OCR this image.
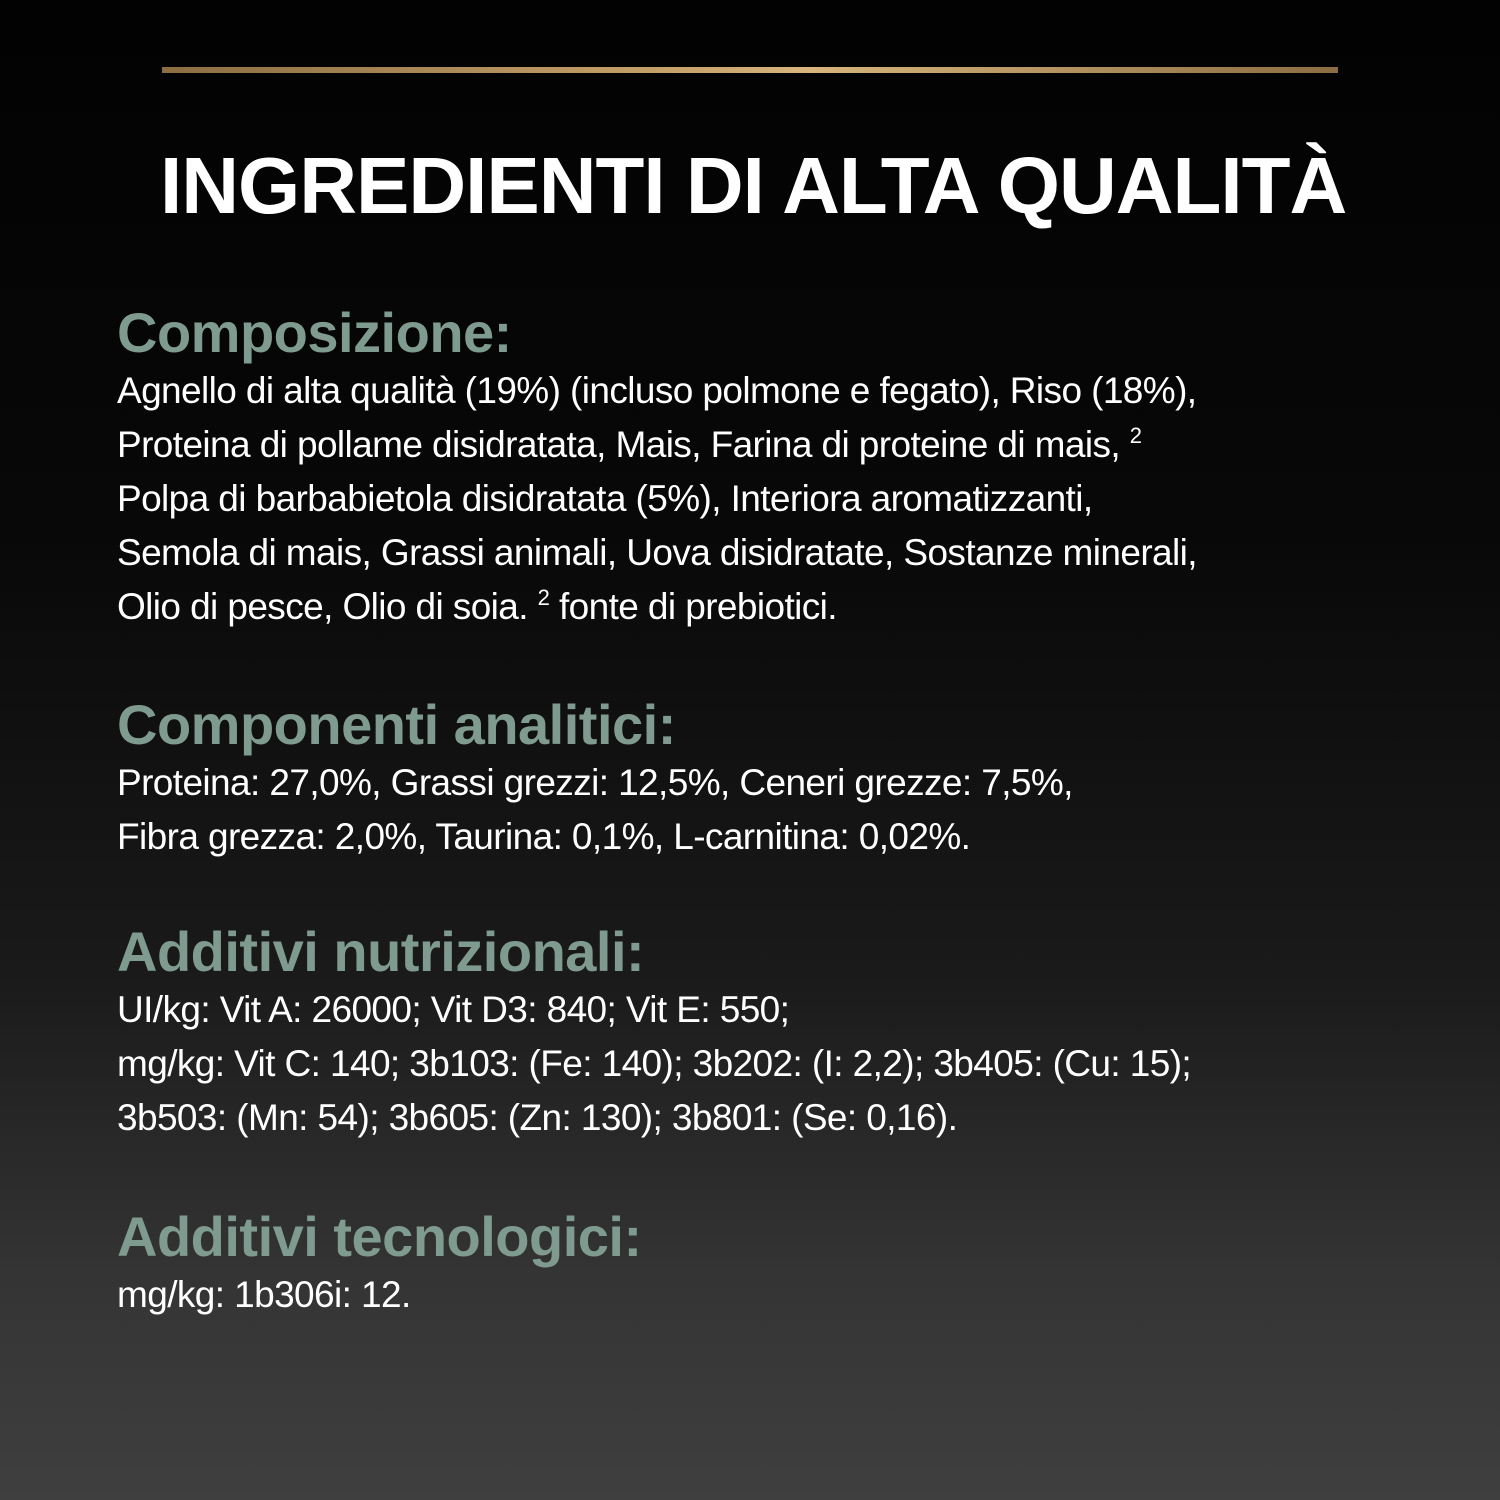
INGREDIENTI DI ALTA QUALITÀ
Composizione:
Agnello di alta qualità (19%) (incluso polmone e fegato), Riso (18%),
Proteina di pollame disidratata, Mais, Farina di proteine di mais, $^2$
Polpa di barbabietola disidratata (5%), Interiora aromatizzanti,
Semola di mais, Grassi animali, Uova disidratate, Sostanze minerali,
Olio di pesce, Olio di soia. $^2$ fonte di prebiotici.
Componenti analitici:
Proteina: 27,0%, Grassi grezzi: 12,5%, Ceneri grezze: 7,5%,
Fibra grezza: 2,0%, Taurina: 0,1%, L-carnitina: 0,02%.
Additivi nutrizionali:
UI/kg: Vit A: 26000; Vit D3: 840; Vit E: 550;
mg/kg: Vit C: 140; 3b103: (Fe: 140); 3b202: (I: 2,2); 3b405: (Cu: 15);
3b503: (Mn: 54); 3b605: (Zn: 130); 3b801: (Se: 0,16).
Additivi tecnologici:
mg/kg: 1b306i: 12.
